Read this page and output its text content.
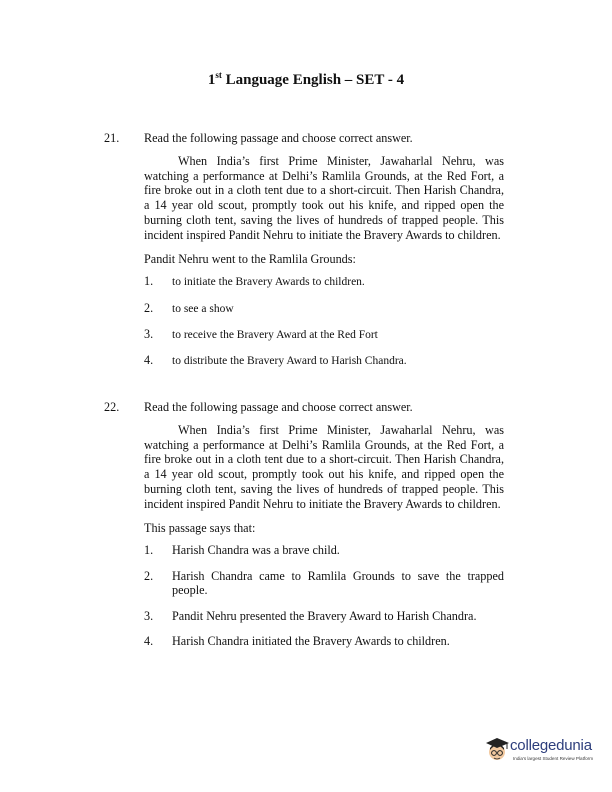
1st Language English – SET - 4
21. Read the following passage and choose correct answer.

When India’s first Prime Minister, Jawaharlal Nehru, was watching a performance at Delhi’s Ramlila Grounds, at the Red Fort, a fire broke out in a cloth tent due to a short-circuit. Then Harish Chandra, a 14 year old scout, promptly took out his knife, and ripped open the burning cloth tent, saving the lives of hundreds of trapped people. This incident inspired Pandit Nehru to initiate the Bravery Awards to children.

Pandit Nehru went to the Ramlila Grounds:

1. to initiate the Bravery Awards to children.
2. to see a show
3. to receive the Bravery Award at the Red Fort
4. to distribute the Bravery Award to Harish Chandra.
22. Read the following passage and choose correct answer.

When India’s first Prime Minister, Jawaharlal Nehru, was watching a performance at Delhi’s Ramlila Grounds, at the Red Fort, a fire broke out in a cloth tent due to a short-circuit. Then Harish Chandra, a 14 year old scout, promptly took out his knife, and ripped open the burning cloth tent, saving the lives of hundreds of trapped people. This incident inspired Pandit Nehru to initiate the Bravery Awards to children.

This passage says that:

1. Harish Chandra was a brave child.
2. Harish Chandra came to Ramlila Grounds to save the trapped people.
3. Pandit Nehru presented the Bravery Award to Harish Chandra.
4. Harish Chandra initiated the Bravery Awards to children.
collegedunia
India's largest Student Review Platform
